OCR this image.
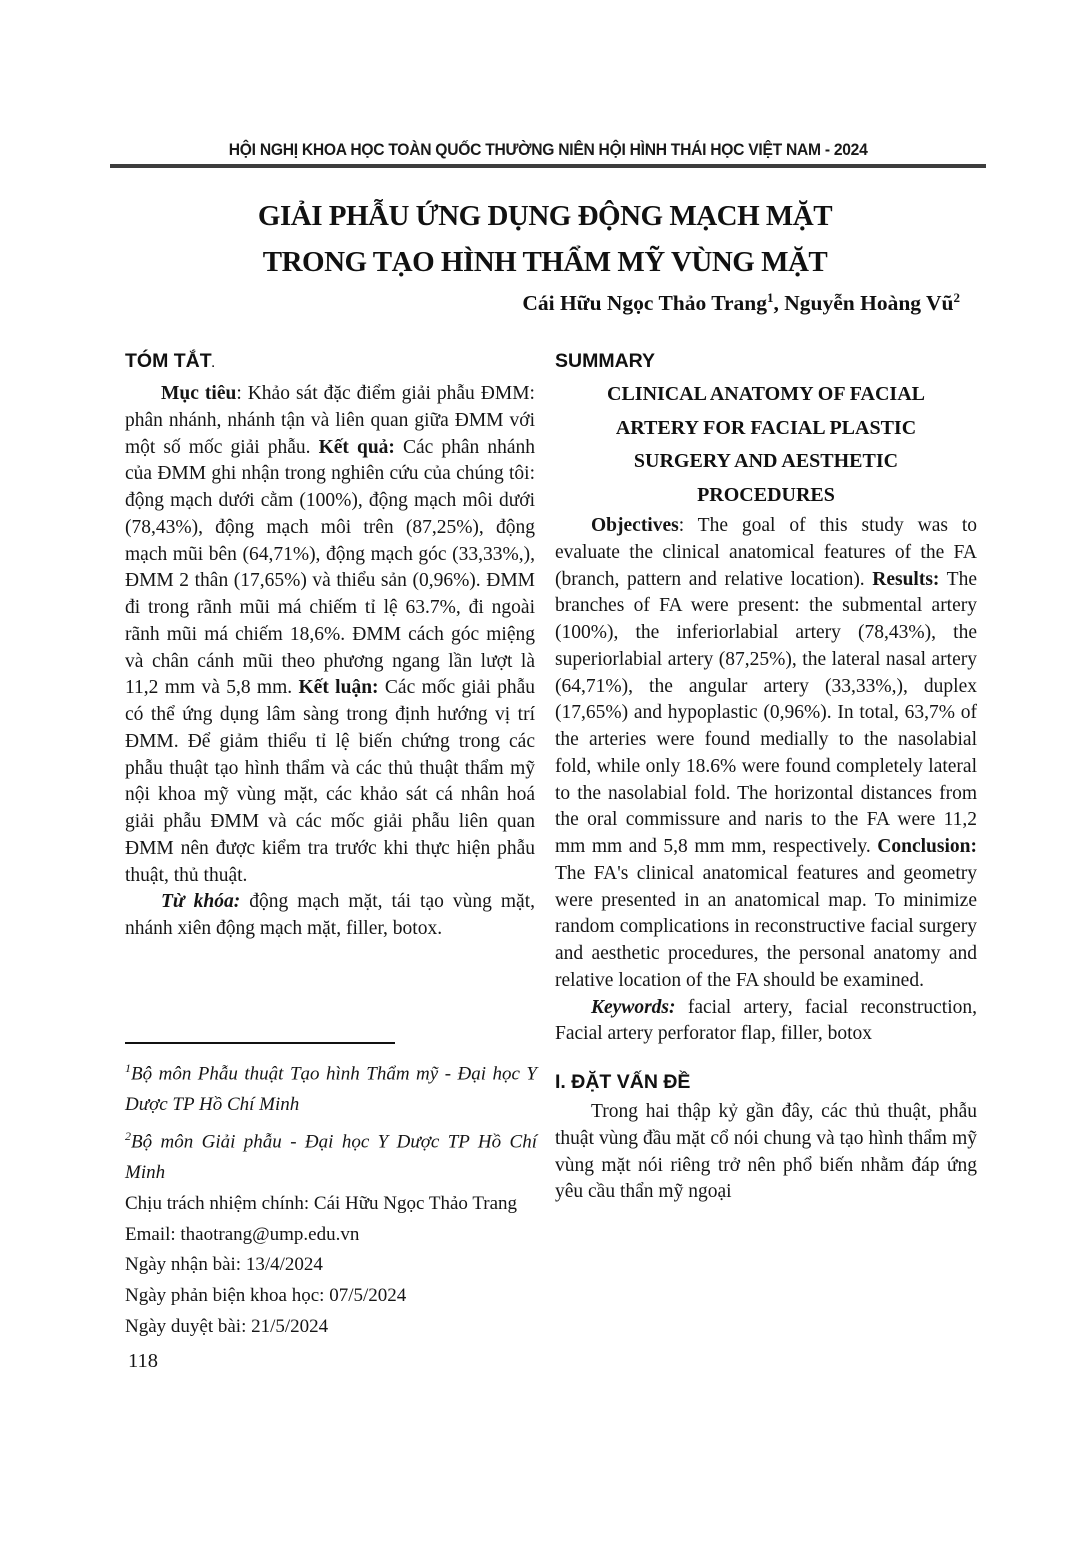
HỘI NGHỊ KHOA HỌC TOÀN QUỐC THƯỜNG NIÊN HỘI HÌNH THÁI HỌC VIỆT NAM - 2024
GIẢI PHẪU ỨNG DỤNG ĐỘNG MẠCH MẶT
TRONG TẠO HÌNH THẨM MỸ VÙNG MẶT
Cái Hữu Ngọc Thảo Trang$^1$, Nguyễn Hoàng $Vũ^2$
TÓM TẮT.

Mục tiêu: Khảo sát đặc điểm giải phẫu ĐMM: phân nhánh, nhánh tận và liên quan giữa ĐMM với một số mốc giải phẫu. Kết quả: Các phân nhánh của ĐMM ghi nhận trong nghiên cứu của chúng tôi: động mạch dưới cằm (100%), động mạch môi dưới (78,43%), động mạch môi trên (87,25%), động mạch mũi bên (64,71%), động mạch góc (33,33%,), ĐMM 2 thân (17,65%) và thiểu sản (0,96%). ĐMM đi trong rãnh mũi má chiếm tỉ lệ 63.7%, đi ngoài rãnh mũi má chiếm 18,6%. ĐMM cách góc miệng và chân cánh mũi theo phương ngang lần lượt là 11,2 mm và 5,8 mm. Kết luận: Các mốc giải phẫu có thể ứng dụng lâm sàng trong định hướng vị trí ĐMM. Để giảm thiểu tỉ lệ biến chứng trong các phẫu thuật tạo hình thẩm và các thủ thuật thẩm mỹ nội khoa mỹ vùng mặt, các khảo sát cá nhân hoá giải phẫu ĐMM và các mốc giải phẫu liên quan ĐMM nên được kiểm tra trước khi thực hiện phẫu thuật, thủ thuật.

Từ khóa: động mạch mặt, tái tạo vùng mặt, nhánh xiên động mạch mặt, filler, botox.

SUMMARY
CLINICAL ANATOMY OF FACIAL
ARTERY FOR FACIAL PLASTIC
SURGERY AND AESTHETIC
PROCEDURES

Objectives: The goal of this study was to evaluate the clinical anatomical features of the FA (branch, pattern and relative location). Results: The branches of FA were present: the submental artery (100%), the inferiorlabial artery (78,43%), the superiorlabial artery (87,25%), the lateral nasal artery (64,71%), the angular artery (33,33%,), duplex (17,65%) and hypoplastic (0,96%). In total, 63,7% of the arteries were found medially to the nasolabial fold, while only 18.6% were found completely lateral to the nasolabial fold. The horizontal distances from the oral commissure and naris to the FA were 11,2 mm mm and 5,8 mm mm, respectively. Conclusion: The FA's clinical anatomical features and geometry were presented in an anatomical map. To minimize random complications in reconstructive facial surgery and aesthetic procedures, the personal anatomy and relative location of the FA should be examined.

Keywords: facial artery, facial reconstruction, Facial artery perforator flap, filler, botox

I. ĐẶT VẤN ĐỀ

Trong hai thập kỷ gần đây, các thủ thuật, phẫu thuật vùng đầu mặt cổ nói chung và tạo hình thẩm mỹ vùng mặt nói riêng trở nên phổ biến nhằm đáp ứng yêu cầu thẩn mỹ ngoại

$^1$Bộ môn Phẫu thuật Tạo hình Thẩm mỹ - Đại học Y Dược TP Hồ Chí Minh
$^2$Bộ môn Giải phẫu - Đại học Y Dược TP Hồ Chí Minh
Chịu trách nhiệm chính: Cái Hữu Ngọc Thảo Trang
Email: thaotrang@ump.edu.vn
Ngày nhận bài: 13/4/2024
Ngày phản biện khoa học: 07/5/2024
Ngày duyệt bài: 21/5/2024
118
